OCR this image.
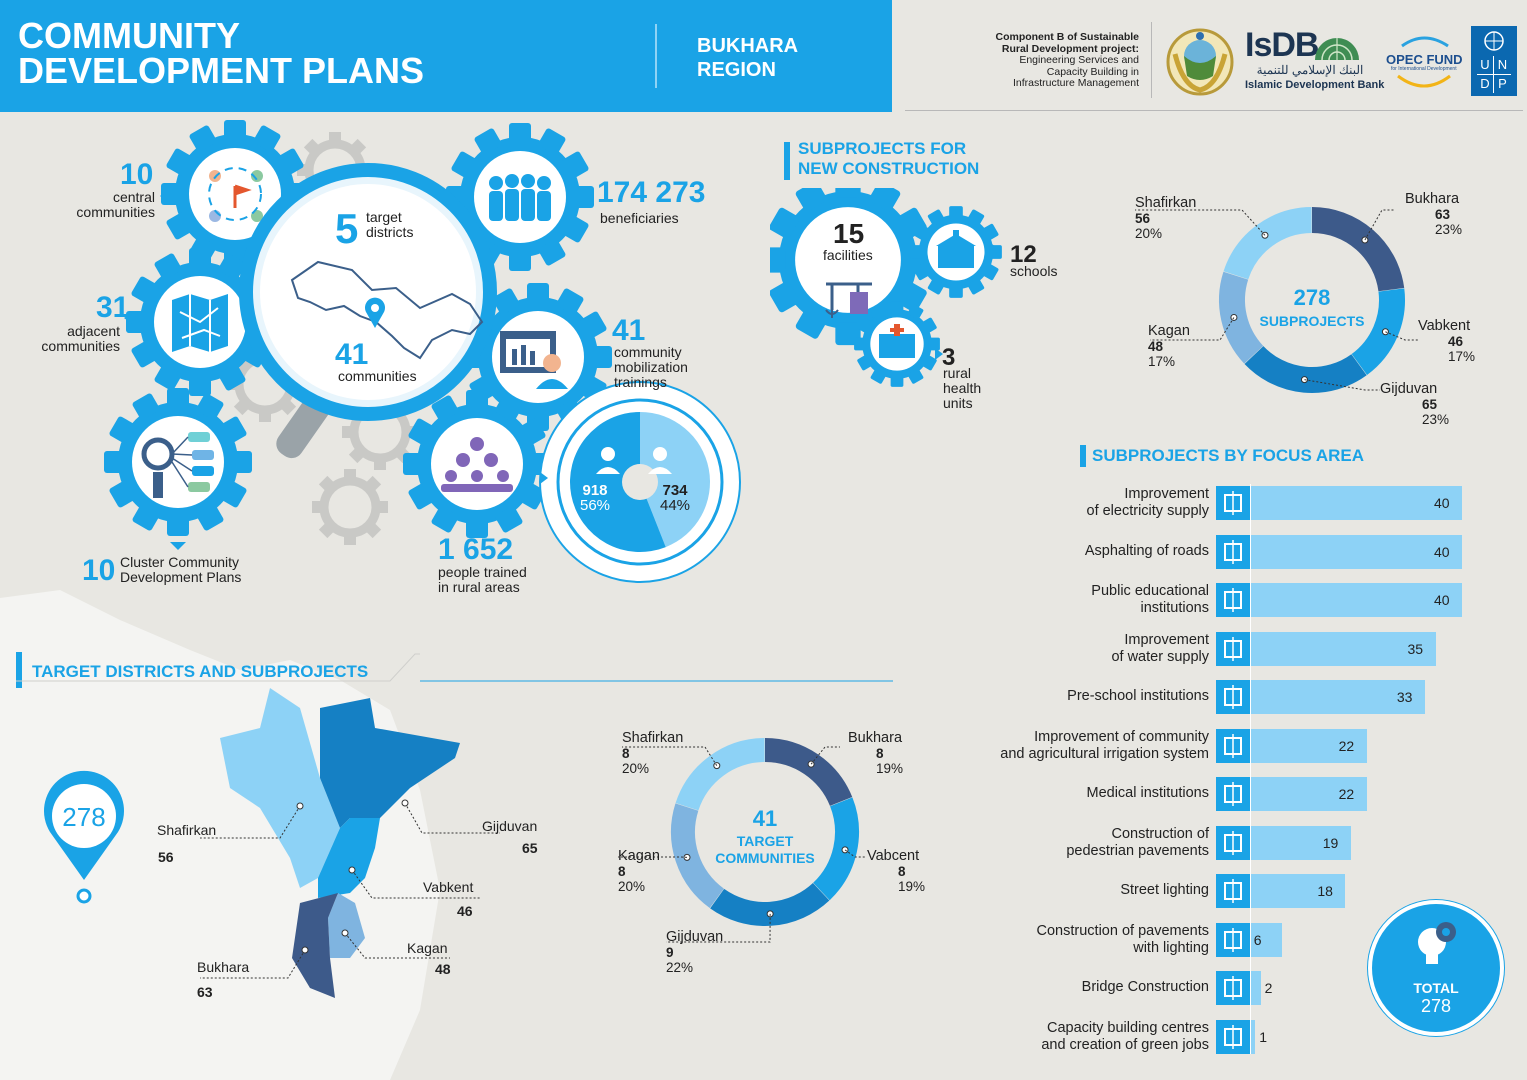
COMMUNITY
DEVELOPMENT PLANS
BUKHARA
REGION
Component B of Sustainable
Rural Development project:
Engineering Services and
Capacity Building in
Infrastructure Management
IsDB
البنك الإسلامي للتنمية
Islamic Development Bank
OPEC FUND
for International Development U N
D P
10
central
communities
31
adjacent
communities
10 Cluster Community
Development Plans
5 target
districts
41
communities
174 273
beneficiaries
41
community
mobilization
trainings
1 652
people trained
in rural areas
918
56%
734
44%
SUBPROJECTS FOR
NEW CONSTRUCTION
15
facilities	12
schools
3
rural
health
units
Bukhara
63
23%
Vabkent
46
17%
Gijduvan
65
23%
Kagan
48
17%
Shafirkan
56
20%
278
SUBPROJECTS
SUBPROJECTS BY FOCUS AREA
Improvement
of electricity supply	40
Asphalting of roads	40
Public educational
institutions	40
Improvement
of water supply	35
Pre-school institutions	33
Improvement of community
and agricultural irrigation system	22
Medical institutions	22
Construction of
pedestrian pavements	19
Street lighting	18
Construction of pavements
with lighting	6
Bridge Construction	2
Capacity building centres
and creation of green jobs	1
TOTAL
278
TARGET DISTRICTS AND SUBPROJECTS
278	Shafirkan
56
Gijduvan
65
Vabkent
46
Kagan
48
Bukhara
63
Bukhara
8
19%
Vabcent
8
19%
Gijduvan
9
22%
Kagan
8
20%
Shafirkan
8
20%
41
TARGET
COMMUNITIES
